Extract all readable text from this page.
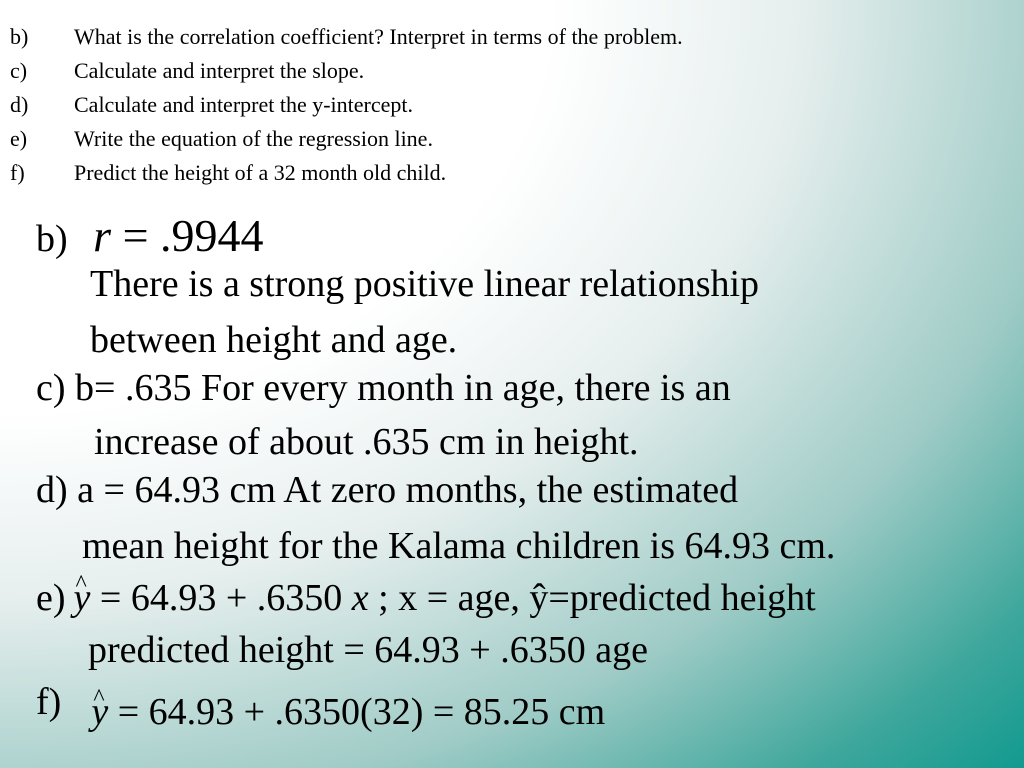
b) What is the correlation coefficient? Interpret in terms of the problem.
c) Calculate and interpret the slope.
d) Calculate and interpret the y-intercept.
e) Write the equation of the regression line.
f) Predict the height of a 32 month old child.
b) r = .9944
There is a strong positive linear relationship
between height and age.
c) b= .635 For every month in age, there is an
increase of about .635 cm in height.
d) a = 64.93 cm At zero months, the estimated
mean height for the Kalama children is 64.93 cm.
e) ^ y = 64.93 + .6350 x ; x = age, ŷ=predicted height
predicted height = 64.93 + .6350 age
f) ^ y = 64.93 + .6350(32) = 85.25 cm
